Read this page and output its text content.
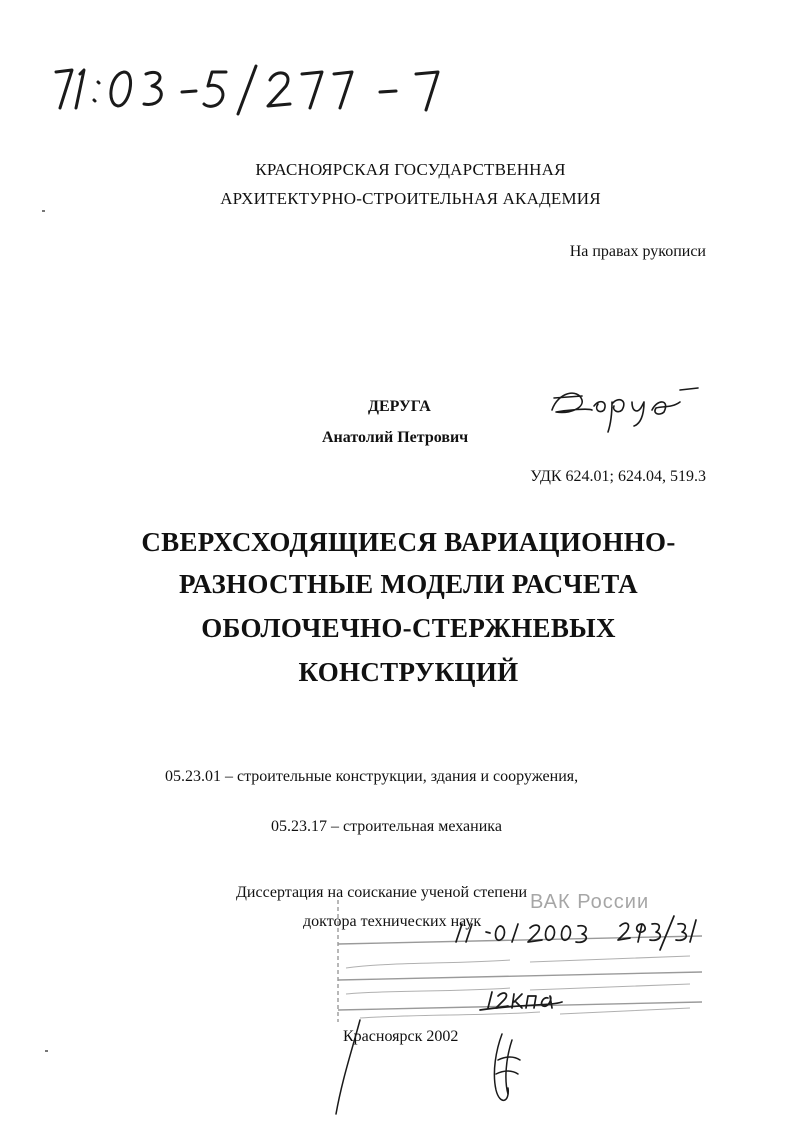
КРАСНОЯРСКАЯ ГОСУДАРСТВЕННАЯ
АРХИТЕКТУРНО-СТРОИТЕЛЬНАЯ АКАДЕМИЯ
На правах рукописи
ДЕРУГА
Анатолий Петрович
УДК 624.01; 624.04, 519.3
СВЕРХСХОДЯЩИЕСЯ ВАРИАЦИОННО-
РАЗНОСТНЫЕ МОДЕЛИ РАСЧЕТА
ОБОЛОЧЕЧНО-СТЕРЖНЕВЫХ
КОНСТРУКЦИЙ
05.23.01 – строительные конструкции, здания и сооружения,
05.23.17 – строительная механика
ВАК России
Диссертация на соискание ученой степени
доктора технических наук
Красноярск 2002
